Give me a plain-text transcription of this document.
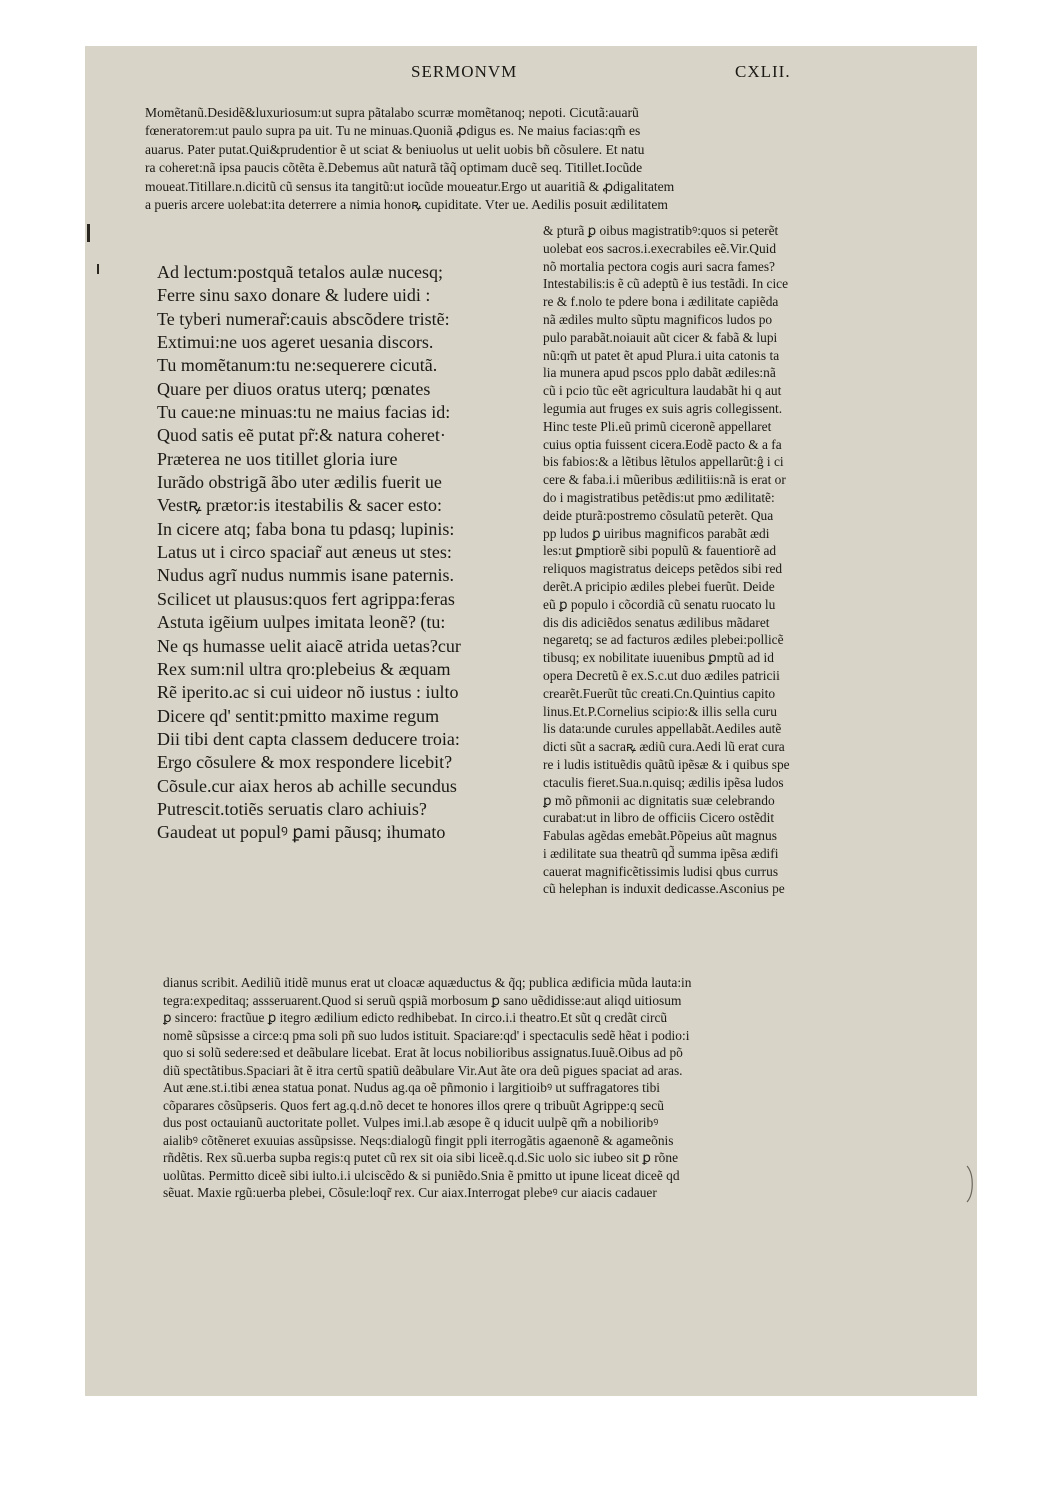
SERMONVM	CXLII.
Momẽtanũ.Desidẽ&luxuriosum:ut supra pãtalabo scurræ momẽtanoq; nepoti. Cicutã:auarũ
fœneratorem:ut paulo supra pa uit. Tu ne minuas.Quoniã ꝓdigus es. Ne maius facias:qm̃ es
auarus. Pater putat.Qui&prudentior ẽ ut sciat & beniuolus ut uelit uobis bñ cõsulere. Et natu
ra coheret:nã ipsa paucis cõtẽta ẽ.Debemus aũt naturã tãq̃ optimam ducẽ seq. Titillet.Iocũde
moueat.Titillare.n.dicitũ cũ sensus ita tangitũ:ut iocũde moueatur.Ergo ut auaritiã & ꝓdigalitatem
a pueris arcere uolebat:ita deterrere a nimia honoꝶ cupiditate. Vter ue. Aedilis posuit ædilitatem
Ad lectum:postquã tetalos aulæ nucesq;
Ferre sinu saxo donare & ludere uidi :
Te tyberi numerar̃:cauis abscõdere tristẽ:
Extimui:ne uos ageret uesania discors.
Tu momẽtanum:tu ne:sequerere cicutã.
Quare per diuos oratus uterq; pœnates
Tu caue:ne minuas:tu ne maius facias id:
Quod satis eẽ putat pr̃:& natura coheret·
Præterea ne uos titillet gloria iure
Iurãdo obstrigã ãbo uter ædilis fuerit ue
Vestꝶ prætor:is itestabilis & sacer esto:
In cicere atq; faba bona tu pdasq; lupinis:
Latus ut i circo spaciar̃ aut æneus ut stes:
Nudus agrĩ nudus nummis isane paternis.
Scilicet ut plausus:quos fert agrippa:feras
Astuta igẽium uulpes imitata leonẽ? (tu:
Ne qs humasse uelit aiacẽ atrida uetas?cur
Rex sum:nil ultra qro:plebeius & æquam
Rẽ iperito.ac si cui uideor nõ iustus : iulto
Dicere qd' sentit:pmitto maxime regum
Dii tibi dent capta classem deducere troia:
Ergo cõsulere & mox respondere licebit?
Cõsule.cur aiax heros ab achille secundus
Putrescit.totiẽs seruatis claro achiuis?
Gaudeat ut populꝰ ꝑami pãusq; ihumato
& pturã ꝑ oibus magistratibꝰ:quos si peterẽt
uolebat eos sacros.i.execrabiles eẽ.Vir.Quid
nõ mortalia pectora cogis auri sacra fames?
Intestabilis:is ẽ cũ adeptũ ẽ ius testãdi. In cice
re & f.nolo te pdere bona i ædilitate capiẽda
nã ædiles multo sũptu magnificos ludos po
pulo parabãt.noiauit aũt cicer & fabã & lupi
nũ:qm̃ ut patet ẽt apud Plura.i uita catonis ta
lia munera apud pscos pplo dabãt ædiles:nã
cũ i pcio tũc eẽt agricultura laudabãt hi q aut
legumia aut fruges ex suis agris collegissent.
Hinc teste Pli.eũ primũ ciceronẽ appellaret
cuius optia fuissent cicera.Eodẽ pacto & a fa
bis fabios:& a lẽtibus lẽtulos appellarũt:ĝ i ci
cere & faba.i.i mũeribus ædilitiis:nã is erat or
do i magistratibus petẽdis:ut pmo ædilitatẽ:
deide pturã:postremo cõsulatũ peterẽt. Qua
pp ludos ꝑ uiribus magnificos parabãt ædi
les:ut ꝑmptiorẽ sibi populũ & fauentiorẽ ad
reliquos magistratus deiceps petẽdos sibi red
derẽt.A pricipio ædiles plebei fuerũt. Deide
eũ ꝑ populo i cõcordiã cũ senatu ruocato lu
dis dis adiciẽdos senatus ædilibus mãdaret
negaretq; se ad facturos ædiles plebei:pollicẽ
tibusq; ex nobilitate iuuenibus ꝑmptũ ad id
opera Decretũ ẽ ex.S.c.ut duo ædiles patricii
crearẽt.Fuerũt tũc creati.Cn.Quintius capito
linus.Et.P.Cornelius scipio:& illis sella curu
lis data:unde curules appellabãt.Aediles autẽ
dicti sũt a sacraꝶ ædiũ cura.Aedi lũ erat cura
re i ludis istituẽdis quãtũ ipẽsæ & i quibus spe
ctaculis fieret.Sua.n.quisq; ædilis ipẽsa ludos
ꝑ mõ pñmonii ac dignitatis suæ celebrando
curabat:ut in libro de officiis Cicero ostẽdit
Fabulas agẽdas emebãt.Põpeius aũt magnus
i ædilitate sua theatrũ qd̃ summa ipẽsa ædifi
cauerat magnificẽtissimis ludisi qbus currus
cũ helephan is induxit dedicasse.Asconius pe
dianus scribit. Aediliũ itidẽ munus erat ut cloacæ aquæductus & q̃q; publica ædificia mũda lauta:in
tegra:expeditaq; assseruarent.Quod si seruũ qspiã morbosum ꝑ sano uẽdidisse:aut aliqd uitiosum
ꝑ sincero: fractũue ꝑ itegro ædilium edicto redhibebat. In circo.i.i theatro.Et sũt q credãt circũ
nomẽ sũpsisse a circe:q pma soli pñ suo ludos istituit. Spaciare:qd' i spectaculis sedẽ hẽat i podio:i
quo si solũ sedere:sed et deãbulare licebat. Erat ãt locus nobilioribus assignatus.Iuuẽ.Oibus ad põ
diũ spectãtibus.Spaciari ãt ẽ itra certũ spatiũ deãbulare Vir.Aut ãte ora deũ pigues spaciat ad aras.
Aut æne.st.i.tibi ænea statua ponat. Nudus ag.qa oẽ pñmonio i largitioibꝰ ut suffragatores tibi
cõparares cõsũpseris. Quos fert ag.q.d.nõ decet te honores illos qrere q tribuũt Agrippe:q secũ
dus post octauianũ auctoritate pollet. Vulpes imi.l.ab æsope ẽ q iducit uulpẽ qm̃ a nobilioribꝰ
aialibꝰ cõtẽneret exuuias assũpsisse. Neqs:dialogũ fingit ppli iterrogãtis agaenonẽ & agameõnis
rñdẽtis. Rex sũ.uerba supba regis:q putet cũ rex sit oia sibi liceẽ.q.d.Sic uolo sic iubeo sit ꝑ rõne
uolũtas. Permitto diceẽ sibi iulto.i.i ulciscẽdo & si puniẽdo.Snia ẽ pmitto ut ipune liceat diceẽ qd
sẽuat. Maxie rgũ:uerba plebei, Cõsule:loqr̃ rex. Cur aiax.Interrogat plebeꝰ cur aiacis cadauer
